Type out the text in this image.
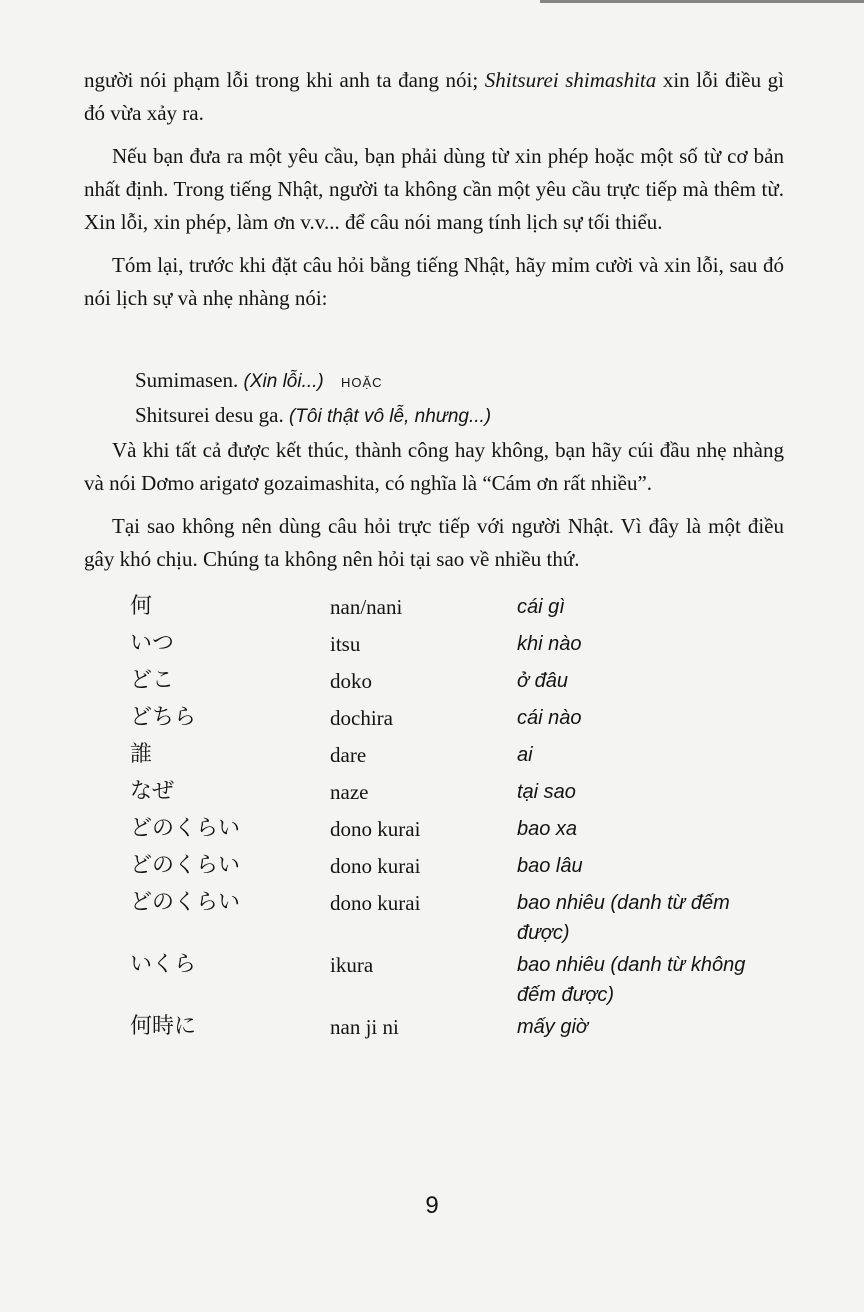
người nói phạm lỗi trong khi anh ta đang nói; Shitsurei shimashita xin lỗi điều gì đó vừa xảy ra.

Nếu bạn đưa ra một yêu cầu, bạn phải dùng từ xin phép hoặc một số từ cơ bản nhất định. Trong tiếng Nhật, người ta không cần một yêu cầu trực tiếp mà thêm từ. Xin lỗi, xin phép, làm ơn v.v... để câu nói mang tính lịch sự tối thiểu.

Tóm lại, trước khi đặt câu hỏi bằng tiếng Nhật, hãy mỉm cười và xin lỗi, sau đó nói lịch sự và nhẹ nhàng nói:

Sumimasen. (Xin lỗi...) HOẶC
Shitsurei desu ga. (Tôi thật vô lễ, nhưng...)

Và khi tất cả được kết thúc, thành công hay không, bạn hãy cúi đầu nhẹ nhàng và nói Dơmo arigatơ gozaimashita, có nghĩa là “Cám ơn rất nhiều”.

Tại sao không nên dùng câu hỏi trực tiếp với người Nhật. Vì đây là một điều gây khó chịu. Chúng ta không nên hỏi tại sao về nhiều thứ.

何	nan/nani	cái gì
いつ	itsu	khi nào
どこ	doko	ở đâu
どちら	dochira	cái nào
誰	dare	ai
なぜ	naze	tại sao
どのくらい	dono kurai	bao xa
どのくらい	dono kurai	bao lâu
どのくらい	dono kurai	bao nhiêu (danh từ đếm được)
いくら	ikura	bao nhiêu (danh từ không đếm được)
何時に	nan ji ni	mấy giờ
9
